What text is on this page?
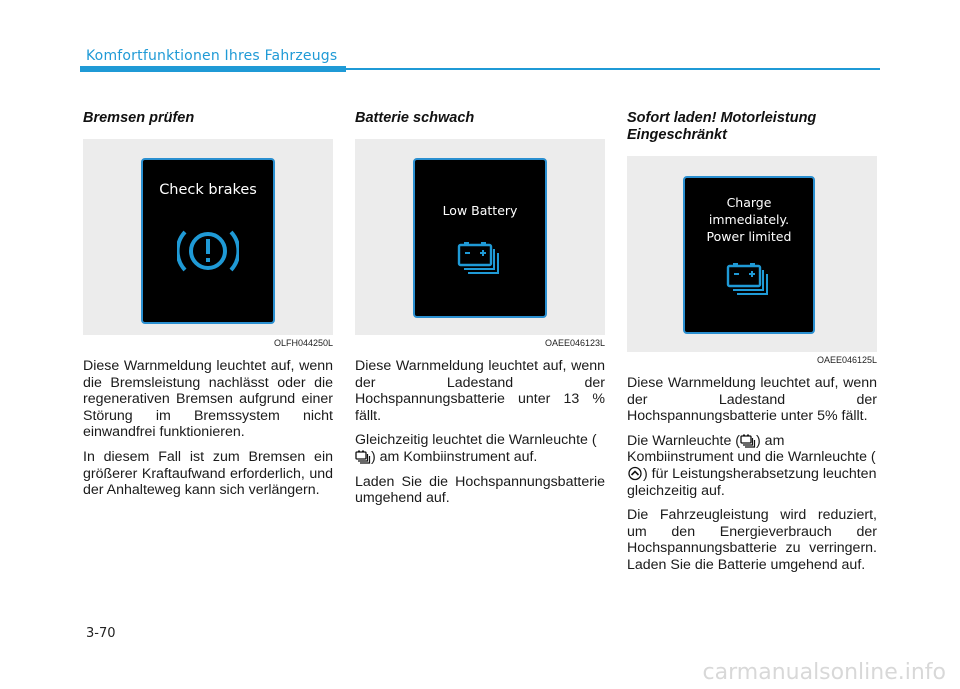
Komfortfunktionen Ihres Fahrzeugs
Bremsen prüfen
Check brakes
OLFH044250L

Diese Warnmeldung leuchtet auf, wenn die Bremsleistung nachlässt oder die regenerativen Bremsen aufgrund einer Störung im Bremssystem nicht einwandfrei funktionieren.

In diesem Fall ist zum Bremsen ein größerer Kraftaufwand erforderlich, und der Anhalteweg kann sich verlängern.

Batterie schwach
Low Battery
OAEE046123L

Diese Warnmeldung leuchtet auf, wenn der Ladestand der Hochspannungsbatterie unter 13 % fällt.

Gleichzeitig leuchtet die Warnleuchte () am Kombiinstrument auf.

Laden Sie die Hochspannungsbatterie umgehend auf.

Sofort laden! Motorleistung Eingeschränkt
Charge
immediately.
Power limited
OAEE046125L

Diese Warnmeldung leuchtet auf, wenn der Ladestand der Hochspannungsbatterie unter 5% fällt.

Die Warnleuchte ( ) am Kombiinstrument und die Warnleuchte () für Leistungsherabsetzung leuchten gleichzeitig auf.

Die Fahrzeugleistung wird reduziert, um den Energieverbrauch der Hochspannungsbatterie zu verringern. Laden Sie die Batterie umgehend auf.

3-70
carmanualsonline.info
